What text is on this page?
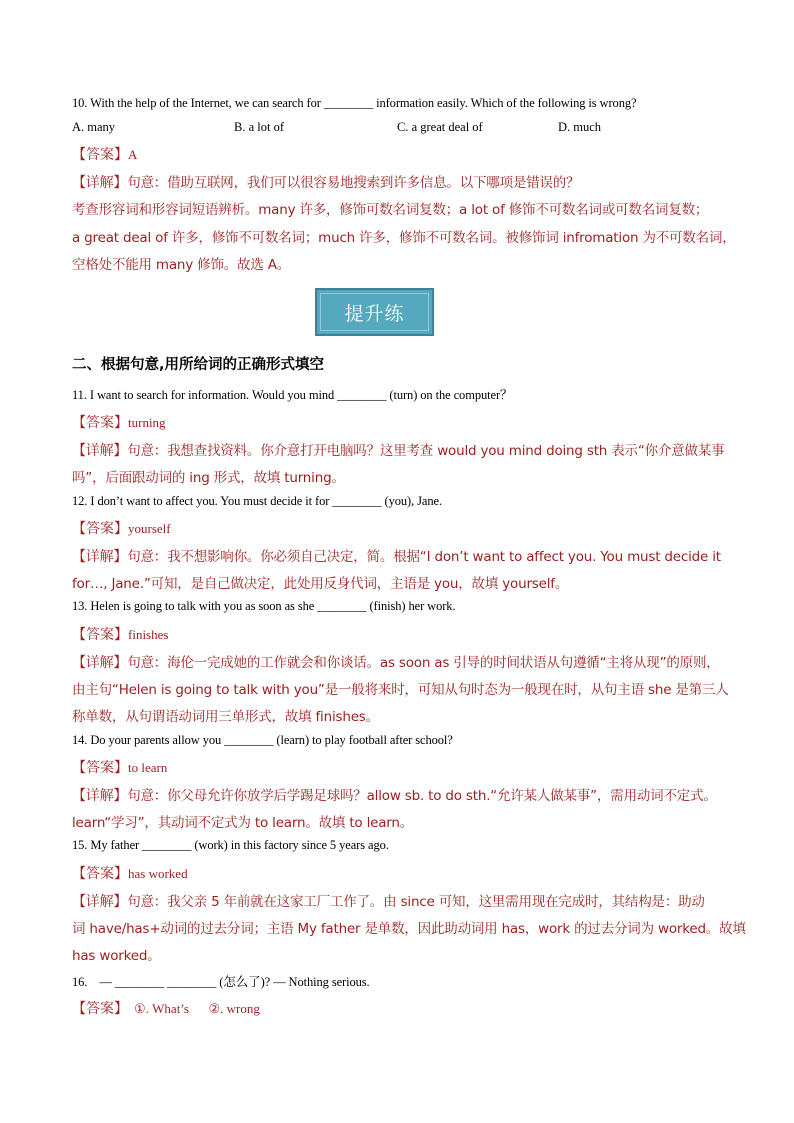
10. With the help of the Internet, we can search for ________ information easily. Which of the following is wrong?
A. many	B. a lot of	C. a great deal of	D. much
【答案】A
【详解】句意：借助互联网，我们可以很容易地搜索到许多信息。以下哪项是错误的？
考查形容词和形容词短语辨析。many 许多，修饰可数名词复数；a lot of 修饰不可数名词或可数名词复数；
a great deal of 许多，修饰不可数名词；much 许多，修饰不可数名词。被修饰词 infromation 为不可数名词，
空格处不能用 many 修饰。故选 A。
提升练
二、根据句意,用所给词的正确形式填空
11. I want to search for information. Would you mind ________ (turn) on the computer？
【答案】turning
【详解】句意：我想查找资料。你介意打开电脑吗？这里考查 would you mind doing sth 表示“你介意做某事
吗”，后面跟动词的 ing 形式，故填 turning。
12. I don’t want to affect you. You must decide it for ________ (you), Jane.
【答案】yourself
【详解】句意：我不想影响你。你必须自己决定，简。根据“I don’t want to affect you. You must decide it
for…, Jane.”可知，是自己做决定，此处用反身代词，主语是 you，故填 yourself。
13. Helen is going to talk with you as soon as she ________ (finish) her work.
【答案】finishes
【详解】句意：海伦一完成她的工作就会和你谈话。as soon as 引导的时间状语从句遵循“主将从现”的原则，
由主句“Helen is going to talk with you”是一般将来时，可知从句时态为一般现在时，从句主语 she 是第三人
称单数，从句谓语动词用三单形式，故填 finishes。
14. Do your parents allow you ________ (learn) to play football after school?
【答案】to learn
【详解】句意：你父母允许你放学后学踢足球吗？allow sb. to do sth.“允许某人做某事”，需用动词不定式。
learn“学习”，其动词不定式为 to learn。故填 to learn。
15. My father ________ (work) in this factory since 5 years ago.
【答案】has worked
【详解】句意：我父亲 5 年前就在这家工厂工作了。由 since 可知，这里需用现在完成时，其结构是：助动
词 have/has+动词的过去分词；主语 My father 是单数，因此助动词用 has，work 的过去分词为 worked。故填
has worked。
16.    — ________ ________ (怎么了)? — Nothing serious.
【答案】 ①. What’s      ②. wrong
